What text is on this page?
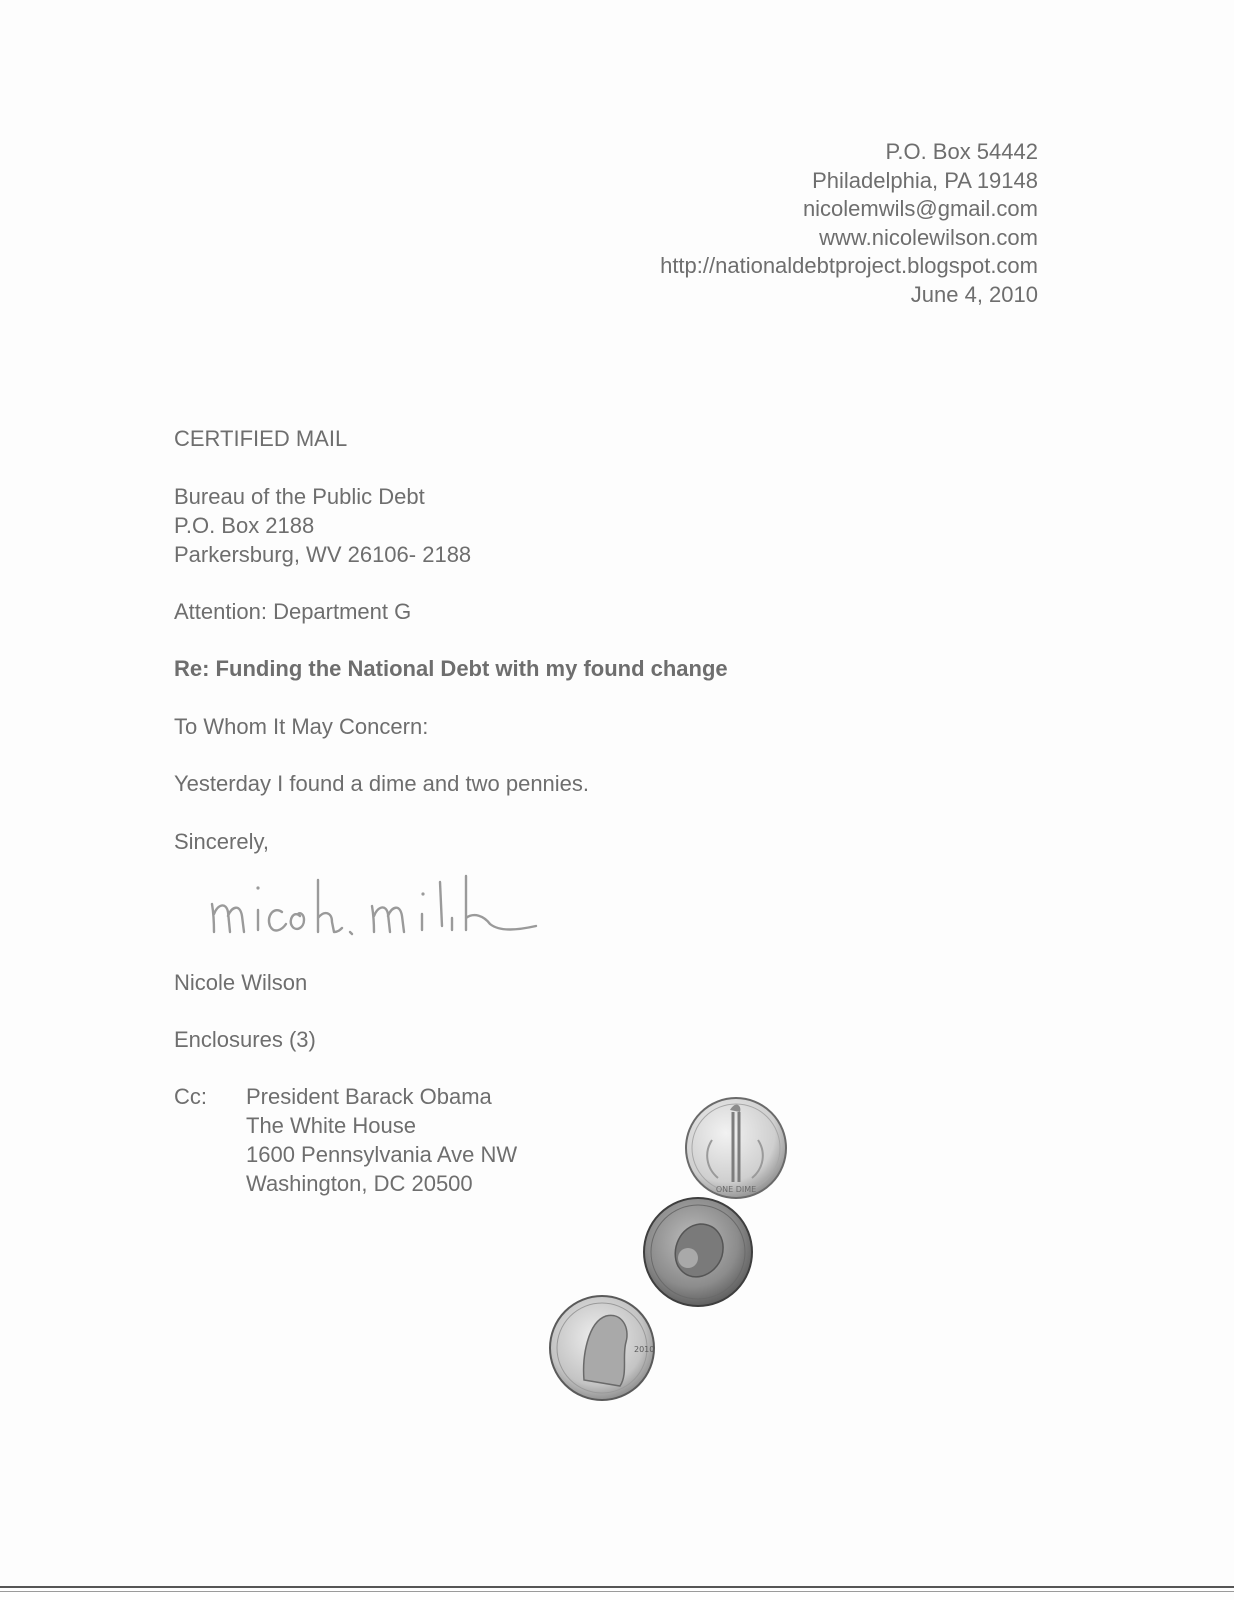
P.O. Box 54442
Philadelphia, PA 19148
nicolemwils@gmail.com
www.nicolewilson.com
http://nationaldebtproject.blogspot.com
June 4, 2010
CERTIFIED MAIL
Bureau of the Public Debt
P.O. Box 2188
Parkersburg, WV 26106- 2188
Attention: Department G
Re: Funding the National Debt with my found change
To Whom It May Concern:
Yesterday I found a dime and two pennies.
Sincerely,
Nicole Wilson
Enclosures (3)
Cc: President Barack Obama
The White House
1600 Pennsylvania Ave NW
Washington, DC 20500	ONE DIME
2010
